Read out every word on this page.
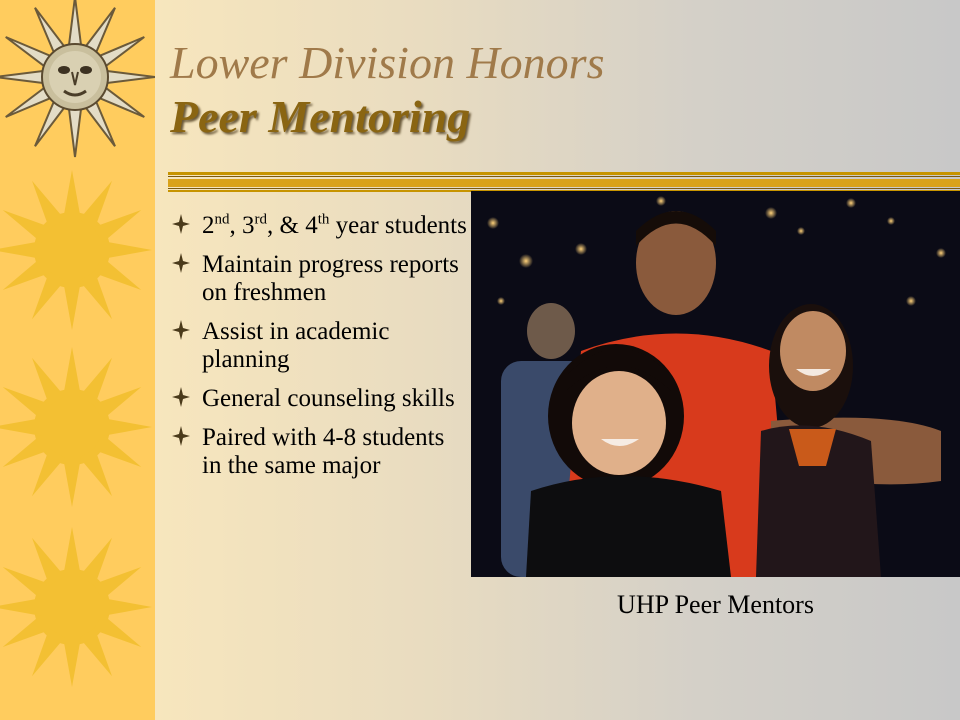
Lower Division Honors
Peer Mentoring
2nd, 3rd, & 4th year students
Maintain progress reports on freshmen
Assist in academic planning
General counseling skills
Paired with 4-8 students in the same major
UHP Peer Mentors
